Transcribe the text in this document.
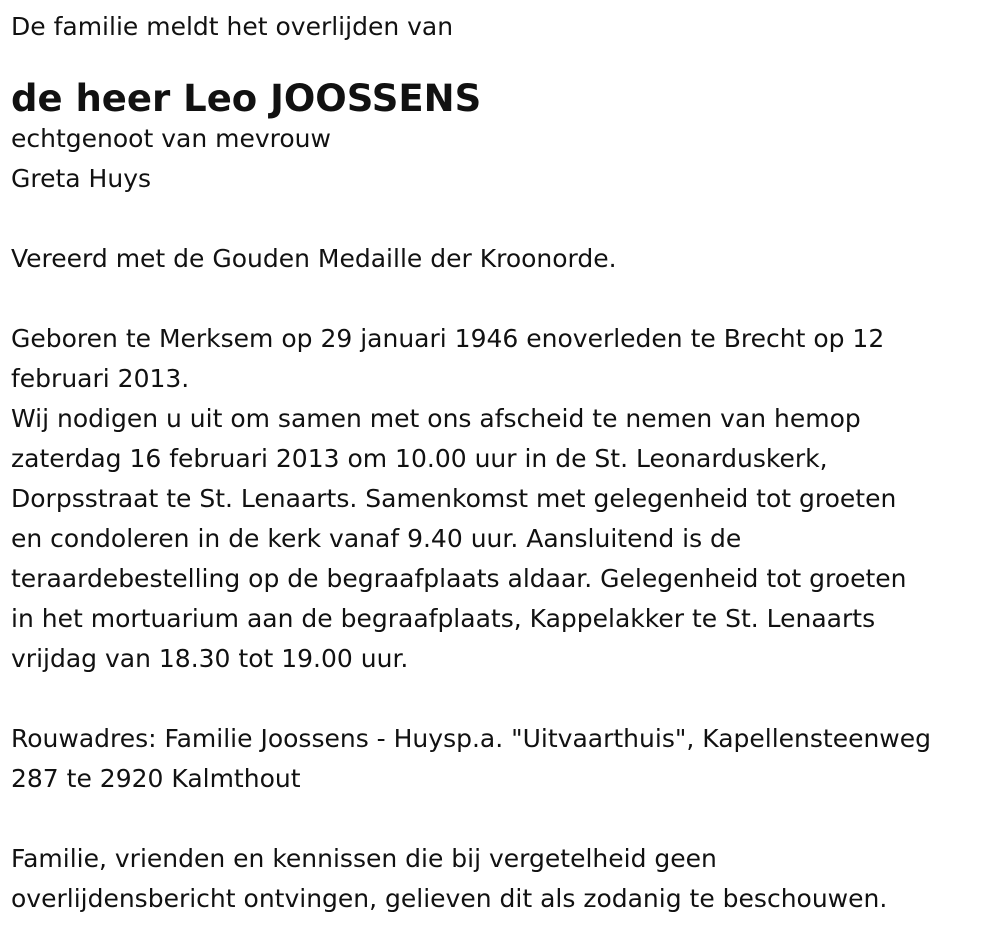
De familie meldt het overlijden van

de heer Leo JOOSSENS

echtgenoot van mevrouw

Greta Huys

Vereerd met de Gouden Medaille der Kroonorde.

Geboren te Merksem op 29 januari 1946 enoverleden te Brecht op 12

februari 2013.

Wij nodigen u uit om samen met ons afscheid te nemen van hemop

zaterdag 16 februari 2013 om 10.00 uur in de St. Leonarduskerk,

Dorpsstraat te St. Lenaarts. Samenkomst met gelegenheid tot groeten

en condoleren in de kerk vanaf 9.40 uur. Aansluitend is de

teraardebestelling op de begraafplaats aldaar. Gelegenheid tot groeten

in het mortuarium aan de begraafplaats, Kappelakker te St. Lenaarts

vrijdag van 18.30 tot 19.00 uur.

Rouwadres: Familie Joossens - Huysp.a. "Uitvaarthuis", Kapellensteenweg

287 te 2920 Kalmthout

Familie, vrienden en kennissen die bij vergetelheid geen

overlijdensbericht ontvingen, gelieven dit als zodanig te beschouwen.
